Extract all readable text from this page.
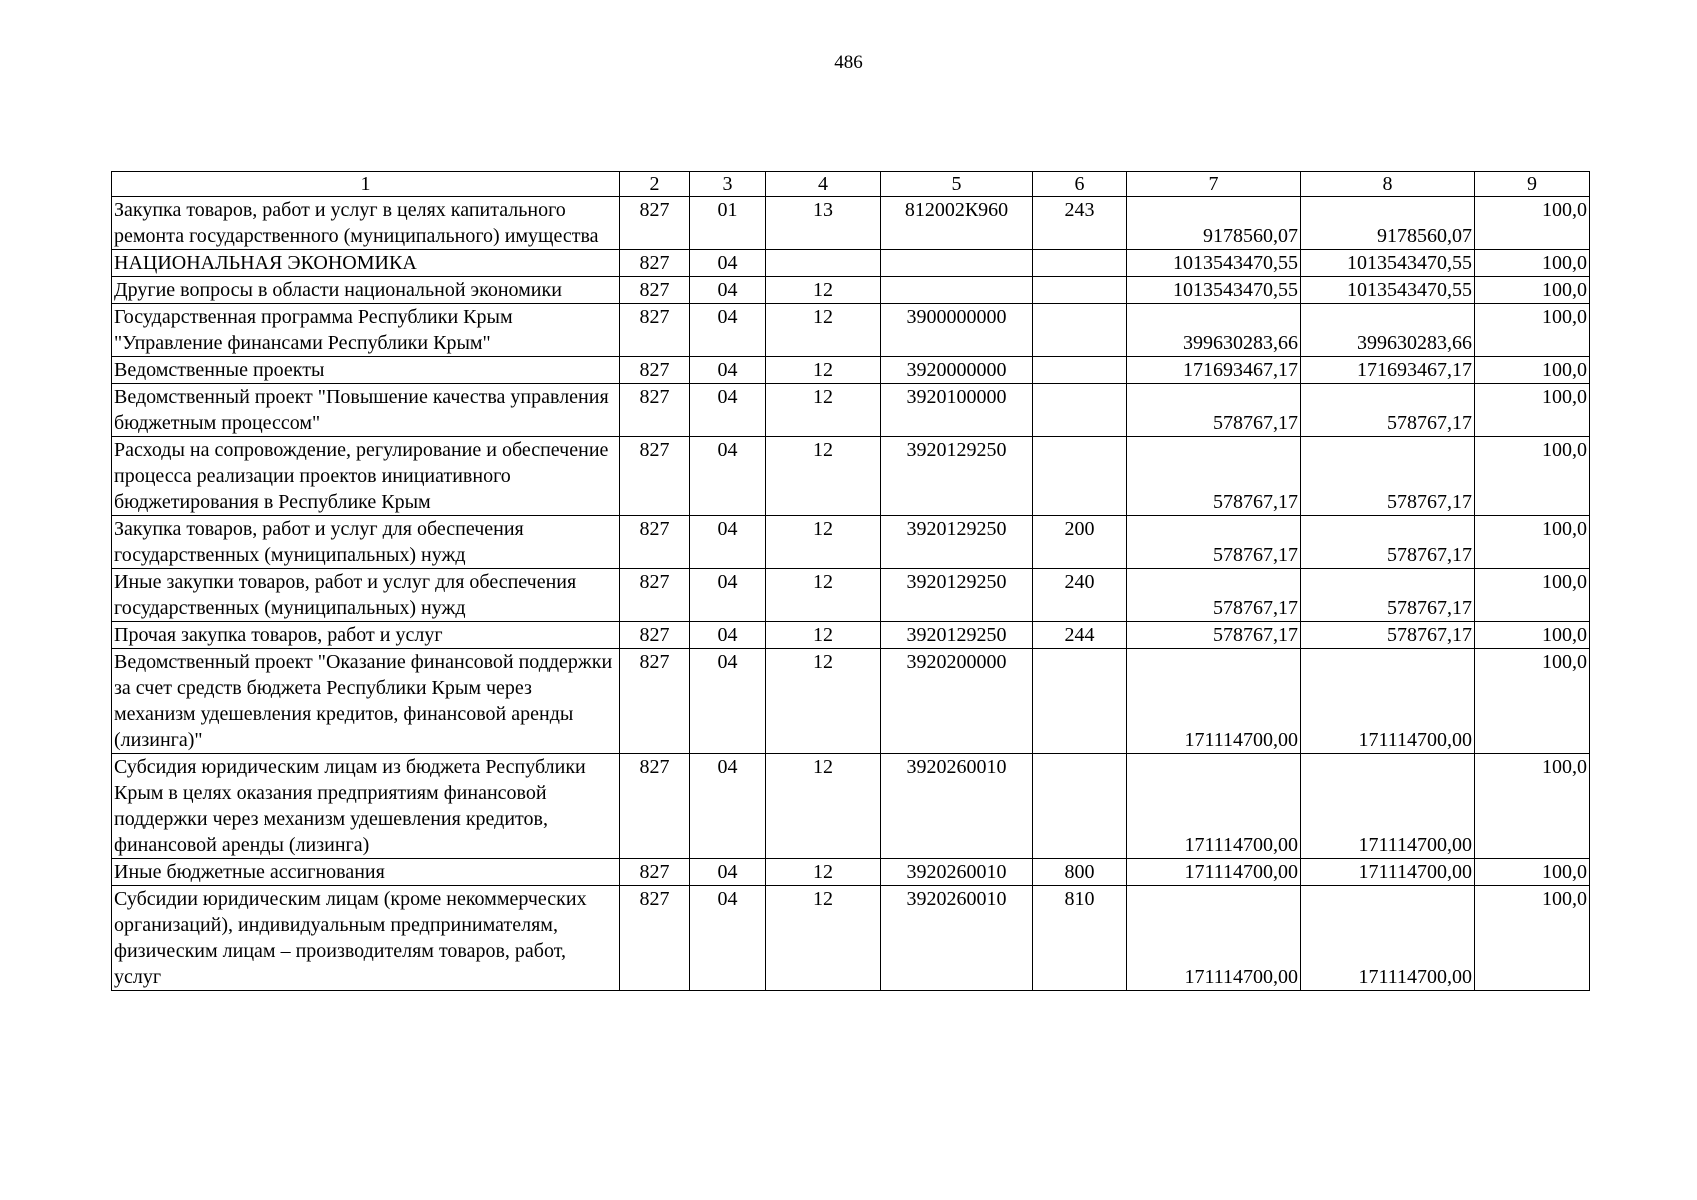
486
1	2	3	4	5	6	7	8	9
Закупка товаров, работ и услуг в целях капитального ремонта государственного (муниципального) имущества	827	01	13	812002К960	243	9178560,07	9178560,07	100,0
НАЦИОНАЛЬНАЯ ЭКОНОМИКА	827	04				1013543470,55	1013543470,55	100,0
Другие вопросы в области национальной экономики	827	04	12			1013543470,55	1013543470,55	100,0
Государственная программа Республики Крым "Управление финансами Республики Крым"	827	04	12	3900000000		399630283,66	399630283,66	100,0
Ведомственные проекты	827	04	12	3920000000		171693467,17	171693467,17	100,0
Ведомственный проект "Повышение качества управления бюджетным процессом"	827	04	12	3920100000		578767,17	578767,17	100,0
Расходы на сопровождение, регулирование и обеспечение процесса реализации проектов инициативного бюджетирования в Республике Крым	827	04	12	3920129250		578767,17	578767,17	100,0
Закупка товаров, работ и услуг для обеспечения государственных (муниципальных) нужд	827	04	12	3920129250	200	578767,17	578767,17	100,0
Иные закупки товаров, работ и услуг для обеспечения государственных (муниципальных) нужд	827	04	12	3920129250	240	578767,17	578767,17	100,0
Прочая закупка товаров, работ и услуг	827	04	12	3920129250	244	578767,17	578767,17	100,0
Ведомственный проект "Оказание финансовой поддержки за счет средств бюджета Республики Крым через механизм удешевления кредитов, финансовой аренды (лизинга)"	827	04	12	3920200000		171114700,00	171114700,00	100,0
Субсидия юридическим лицам из бюджета Республики Крым в целях оказания предприятиям финансовой поддержки через механизм удешевления кредитов, финансовой аренды (лизинга)	827	04	12	3920260010		171114700,00	171114700,00	100,0
Иные бюджетные ассигнования	827	04	12	3920260010	800	171114700,00	171114700,00	100,0
Субсидии юридическим лицам (кроме некоммерческих организаций), индивидуальным предпринимателям, физическим лицам – производителям товаров, работ, услуг	827	04	12	3920260010	810	171114700,00	171114700,00	100,0
